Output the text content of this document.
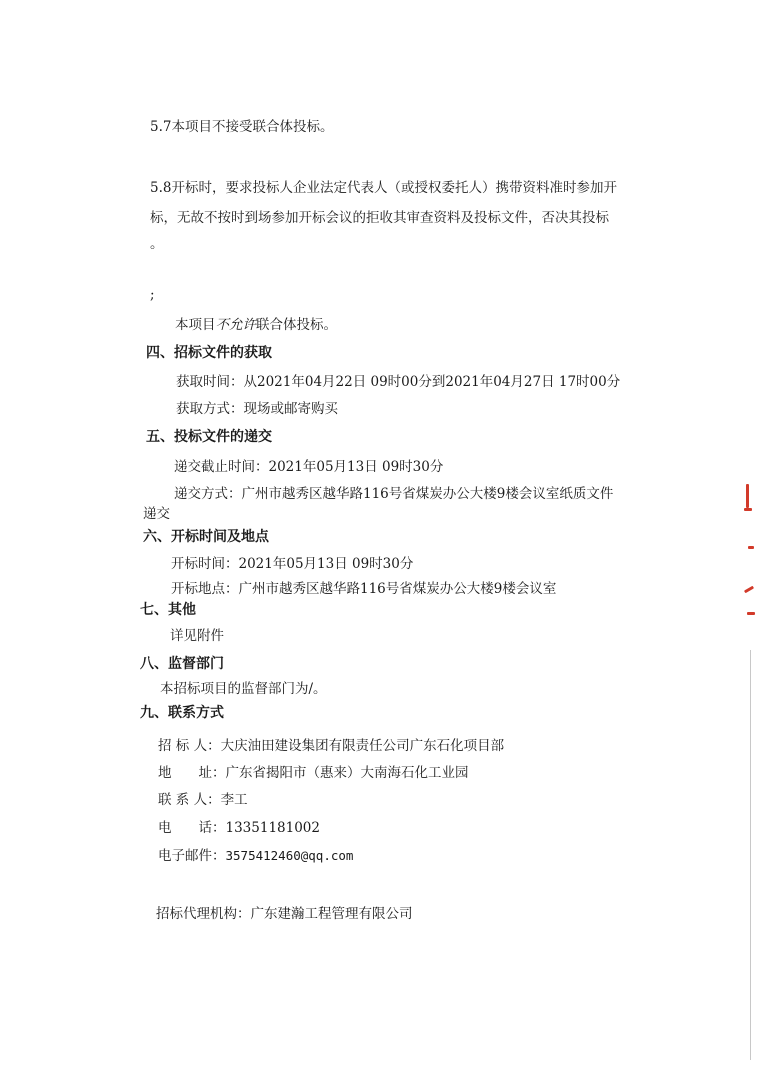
5.7本项目不接受联合体投标。
5.8开标时，要求投标人企业法定代表人（或授权委托人）携带资料准时参加开
标，无故不按时到场参加开标会议的拒收其审查资料及投标文件，否决其投标
。
;
本项目不允许联合体投标。
四、招标文件的获取
获取时间：从2021年04月22日 09时00分到2021年04月27日 17时00分
获取方式：现场或邮寄购买
五、投标文件的递交
递交截止时间：2021年05月13日 09时30分
递交方式：广州市越秀区越华路116号省煤炭办公大楼9楼会议室纸质文件
递交
六、开标时间及地点
开标时间：2021年05月13日 09时30分
开标地点：广州市越秀区越华路116号省煤炭办公大楼9楼会议室
七、其他
详见附件
八、监督部门
本招标项目的监督部门为/。
九、联系方式
招 标 人：大庆油田建设集团有限责任公司广东石化项目部
地　　址：广东省揭阳市（惠来）大南海石化工业园
联 系 人：李工
电　　话：13351181002
电子邮件：3575412460@qq.com
招标代理机构：广东建瀚工程管理有限公司
